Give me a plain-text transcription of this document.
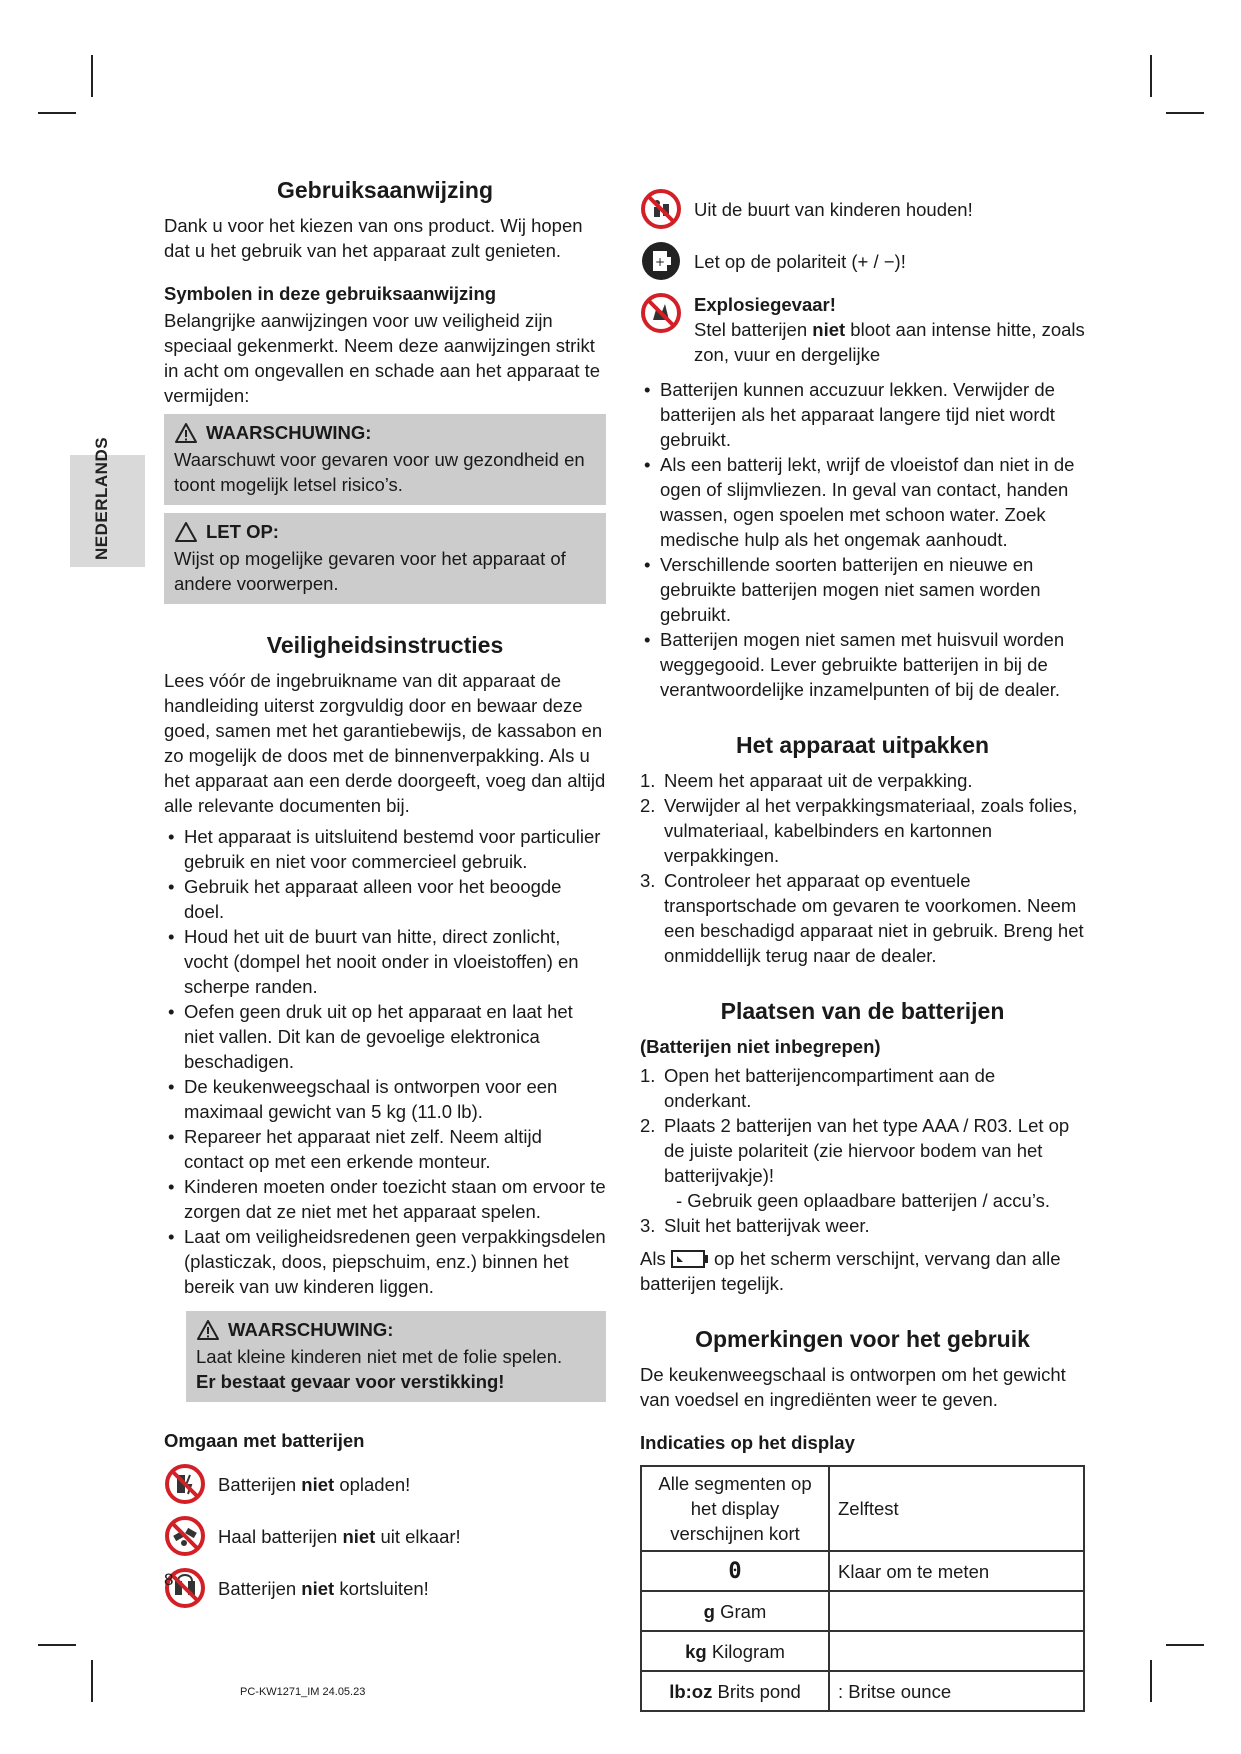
NEDERLANDS
Gebruiksaanwijzing

Dank u voor het kiezen van ons product. Wij hopen dat u het gebruik van het apparaat zult genieten.

Symbolen in deze gebruiksaanwijzing

Belangrijke aanwijzingen voor uw veiligheid zijn speciaal gekenmerkt. Neem deze aanwijzingen strikt in acht om ongevallen en schade aan het apparaat te vermijden:

WAARSCHUWING:

Waarschuwt voor gevaren voor uw gezondheid en toont mogelijk letsel risico’s.

LET OP:

Wijst op mogelijke gevaren voor het apparaat of andere voorwerpen.

Veiligheidsinstructies

Lees vóór de ingebruikname van dit apparaat de handleiding uiterst zorgvuldig door en bewaar deze goed, samen met het garantiebewijs, de kassabon en zo mogelijk de doos met de binnenverpakking. Als u het apparaat aan een derde doorgeeft, voeg dan altijd alle relevante documenten bij.

• Het apparaat is uitsluitend bestemd voor particulier gebruik en niet voor commercieel gebruik.
• Gebruik het apparaat alleen voor het beoogde doel.
• Houd het uit de buurt van hitte, direct zonlicht, vocht (dompel het nooit onder in vloeistoffen) en scherpe randen.
• Oefen geen druk uit op het apparaat en laat het niet vallen. Dit kan de gevoelige elektronica beschadigen.
• De keukenweegschaal is ontworpen voor een maximaal gewicht van 5 kg (11.0 lb).
• Repareer het apparaat niet zelf. Neem altijd contact op met een erkende monteur.
• Kinderen moeten onder toezicht staan om ervoor te zorgen dat ze niet met het apparaat spelen.
• Laat om veiligheidsredenen geen verpakkingsdelen (plasticzak, doos, piepschuim, enz.) binnen het bereik van uw kinderen liggen.
WAARSCHUWING:

Laat kleine kinderen niet met de folie spelen.

Er bestaat gevaar voor verstikking!

Omgaan met batterijen
Batterijen niet opladen!
Haal batterijen niet uit elkaar!
Batterijen niet kortsluiten!
Uit de buurt van kinderen houden!
+ Let op de polariteit (+ / −)!
Explosiegevaar!
Stel batterijen niet bloot aan intense hitte, zoals zon, vuur en dergelijke
• Batterijen kunnen accuzuur lekken. Verwijder de batterijen als het apparaat langere tijd niet wordt gebruikt.
• Als een batterij lekt, wrijf de vloeistof dan niet in de ogen of slijmvliezen. In geval van contact, handen wassen, ogen spoelen met schoon water. Zoek medische hulp als het ongemak aanhoudt.
• Verschillende soorten batterijen en nieuwe en gebruikte batterijen mogen niet samen worden gebruikt.
• Batterijen mogen niet samen met huisvuil worden weggegooid. Lever gebruikte batterijen in bij de verantwoordelijke inzamelpunten of bij de dealer.
Het apparaat uitpakken
1. Neem het apparaat uit de verpakking.
2. Verwijder al het verpakkingsmateriaal, zoals folies, vulmateriaal, kabelbinders en kartonnen verpakkingen.
3. Controleer het apparaat op eventuele transportschade om gevaren te voorkomen. Neem een beschadigd apparaat niet in gebruik. Breng het onmiddellijk terug naar de dealer.
Plaatsen van de batterijen
(Batterijen niet inbegrepen)
1. Open het batterijencompartiment aan de onderkant.
2. Plaats 2 batterijen van het type AAA / R03. Let op de juiste polariteit (zie hiervoor bodem van het batterijvakje)!
- Gebruik geen oplaadbare batterijen / accu’s.
3. Sluit het batterijvak weer.

Als  op het scherm verschijnt, vervang dan alle batterijen tegelijk.

Opmerkingen voor het gebruik

De keukenweegschaal is ontworpen om het gewicht van voedsel en ingrediënten weer te geven.

Indicaties op het display
Alle segmenten op het display verschijnen kort	Zelftest
0	Klaar om te meten
g Gram	
kg Kilogram	
lb:oz Brits pond	: Britse ounce
8
PC-KW1271_IM 24.05.23
